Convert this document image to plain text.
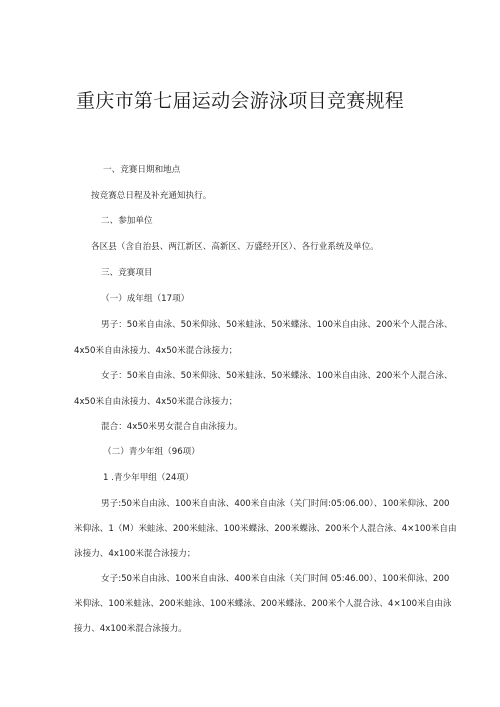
重庆市第七届运动会游泳项目竞赛规程
一、竞赛日期和地点
按竞赛总日程及补充通知执行。
二、参加单位
各区县（含自治县、两江新区、高新区、万盛经开区）、各行业系统及单位。
三、竞赛项目
（一）成年组（17项）
男子：50米自由泳、50米仰泳、50米蛙泳、50米蝶泳、100米自由泳、200米个人混合泳、
4x50米自由泳接力、4x50米混合泳接力；
女子：50米自由泳、50米仰泳、50米蛙泳、50米蝶泳、100米自由泳、200米个人混合泳、
4x50米自由泳接力、4x50米混合泳接力；
混合：4x50米男女混合自由泳接力。
（二）青少年组（96项）
1 .青少年甲组（24项）
男子:50米自由泳、100米自由泳、400米自由泳（关门时间:05:06.00）、100米仰泳、200
米仰泳、1（M）米蛙泳、200米蛙泳、100米蝶泳、200米蝶泳、200米个人混合泳、4×100米自由
泳接力、4x100米混合泳接力；
女子:50米自由泳、100米自由泳、400米自由泳（关门时间 05:46.00）、100米仰泳、200
米仰泳、100米蛙泳、200米蛙泳、100米蝶泳、200米蝶泳、200米个人混合泳、4×100米自由泳
接力、4x100米混合泳接力。
